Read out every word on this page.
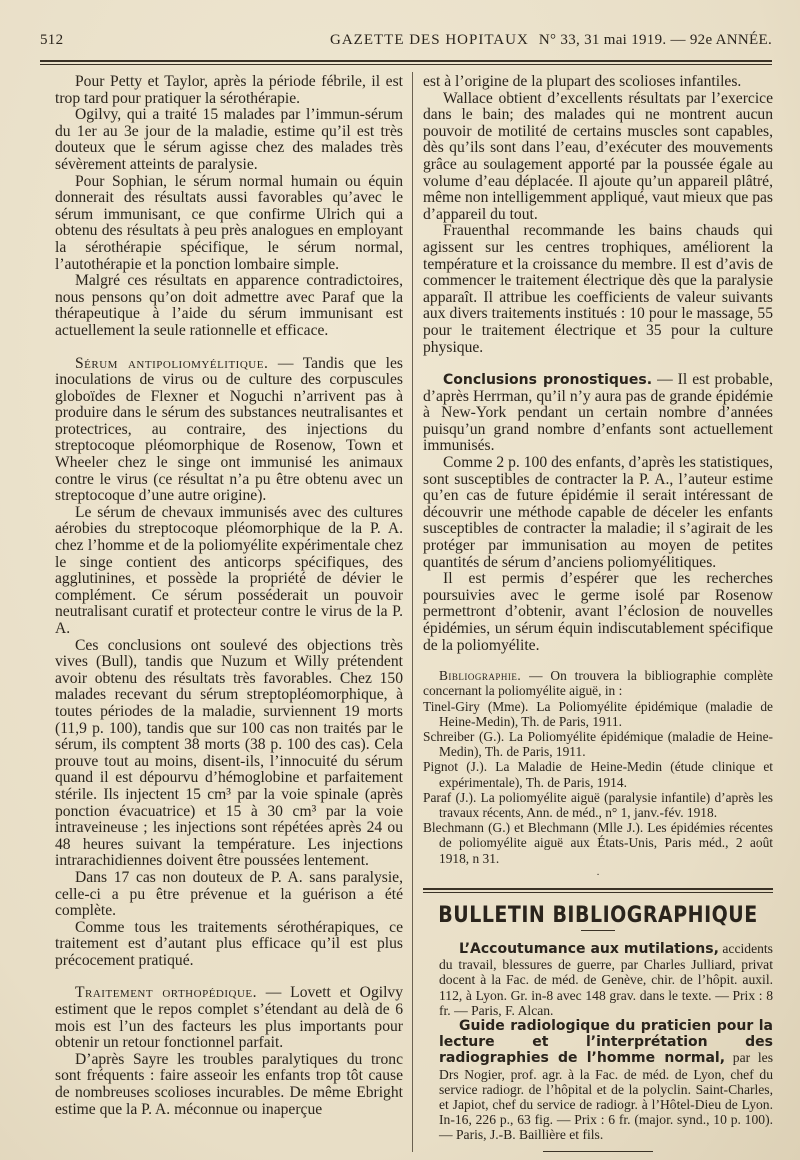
512	GAZETTE DES HOPITAUX N° 33, 31 mai 1919. — 92e ANNÉE.

Pour Petty et Taylor, après la période fébrile, il est trop tard pour pratiquer la sérothérapie.

Ogilvy, qui a traité 15 malades par l’immun-sérum du 1er au 3e jour de la maladie, estime qu’il est très douteux que le sérum agisse chez des malades très sévèrement atteints de paralysie.

Pour Sophian, le sérum normal humain ou équin donnerait des résultats aussi favorables qu’avec le sérum immunisant, ce que confirme Ulrich qui a obtenu des résultats à peu près analogues en employant la sérothérapie spécifique, le sérum normal, l’autothérapie et la ponction lombaire simple.

Malgré ces résultats en apparence contradictoires, nous pensons qu’on doit admettre avec Paraf que la thérapeutique à l’aide du sérum immunisant est actuellement la seule rationnelle et efficace.

Sérum antipoliomyélitique. — Tandis que les inoculations de virus ou de culture des corpuscules globoïdes de Flexner et Noguchi n’arrivent pas à produire dans le sérum des substances neutralisantes et protectrices, au contraire, des injections du streptocoque pléomorphique de Rosenow, Town et Wheeler chez le singe ont immunisé les animaux contre le virus (ce résultat n’a pu être obtenu avec un streptocoque d’une autre origine).

Le sérum de chevaux immunisés avec des cultures aérobies du streptocoque pléomorphique de la P. A. chez l’homme et de la poliomyélite expérimentale chez le singe contient des anticorps spécifiques, des agglutinines, et possède la propriété de dévier le complément. Ce sérum posséderait un pouvoir neutralisant curatif et protecteur contre le virus de la P. A.

Ces conclusions ont soulevé des objections très vives (Bull), tandis que Nuzum et Willy prétendent avoir obtenu des résultats très favorables. Chez 150 malades recevant du sérum streptopléomorphique, à toutes périodes de la maladie, surviennent 19 morts (11,9 p. 100), tandis que sur 100 cas non traités par le sérum, ils comptent 38 morts (38 p. 100 des cas). Cela prouve tout au moins, disent-ils, l’innocuité du sérum quand il est dépourvu d’hémoglobine et parfaitement stérile. Ils injectent 15 cm³ par la voie spinale (après ponction évacuatrice) et 15 à 30 cm³ par la voie intraveineuse ; les injections sont répétées après 24 ou 48 heures suivant la température. Les injections intrarachidiennes doivent être poussées lentement.

Dans 17 cas non douteux de P. A. sans paralysie, celle-ci a pu être prévenue et la guérison a été complète.

Comme tous les traitements sérothérapiques, ce traitement est d’autant plus efficace qu’il est plus précocement pratiqué.

Traitement orthopédique. — Lovett et Ogilvy estiment que le repos complet s’étendant au delà de 6 mois est l’un des facteurs les plus importants pour obtenir un retour fonctionnel parfait.

D’après Sayre les troubles paralytiques du tronc sont fréquents : faire asseoir les enfants trop tôt cause de nombreuses scolioses incurables. De même Ebright estime que la P. A. méconnue ou inaperçue

est à l’origine de la plupart des scolioses infantiles.

Wallace obtient d’excellents résultats par l’exercice dans le bain; des malades qui ne montrent aucun pouvoir de motilité de certains muscles sont capables, dès qu’ils sont dans l’eau, d’exécuter des mouvements grâce au soulagement apporté par la poussée égale au volume d’eau déplacée. Il ajoute qu’un appareil plâtré, même non intelligemment appliqué, vaut mieux que pas d’appareil du tout.

Frauenthal recommande les bains chauds qui agissent sur les centres trophiques, améliorent la température et la croissance du membre. Il est d’avis de commencer le traitement électrique dès que la paralysie apparaît. Il attribue les coefficients de valeur suivants aux divers traitements institués : 10 pour le massage, 55 pour le traitement électrique et 35 pour la culture physique.

Conclusions pronostiques. — Il est probable, d’après Herrman, qu’il n’y aura pas de grande épidémie à New-York pendant un certain nombre d’années puisqu’un grand nombre d’enfants sont actuellement immunisés.

Comme 2 p. 100 des enfants, d’après les statistiques, sont susceptibles de contracter la P. A., l’auteur estime qu’en cas de future épidémie il serait intéressant de découvrir une méthode capable de déceler les enfants susceptibles de contracter la maladie; il s’agirait de les protéger par immunisation au moyen de petites quantités de sérum d’anciens poliomyélitiques.

Il est permis d’espérer que les recherches poursuivies avec le germe isolé par Rosenow permettront d’obtenir, avant l’éclosion de nouvelles épidémies, un sérum équin indiscutablement spécifique de la poliomyélite.

Bibliographie. — On trouvera la bibliographie complète concernant la poliomyélite aiguë, in :

Tinel-Giry (Mme). La Poliomyélite épidémique (maladie de Heine-Medin), Th. de Paris, 1911.

Schreiber (G.). La Poliomyélite épidémique (maladie de Heine-Medin), Th. de Paris, 1911.

Pignot (J.). La Maladie de Heine-Medin (étude clinique et expérimentale), Th. de Paris, 1914.

Paraf (J.). La poliomyélite aiguë (paralysie infantile) d’après les travaux récents, Ann. de méd., n° 1, janv.-fév. 1918.

Blechmann (G.) et Blechmann (Mlle J.). Les épidémies récentes de poliomyélite aiguë aux États-Unis, Paris méd., 2 août 1918, n 31.

·
BULLETIN BIBLIOGRAPHIQUE

L’Accoutumance aux mutilations, accidents du travail, blessures de guerre, par Charles Julliard, privat docent à la Fac. de méd. de Genève, chir. de l’hôpit. auxil. 112, à Lyon. Gr. in-8 avec 148 grav. dans le texte. — Prix : 8 fr. — Paris, F. Alcan.

Guide radiologique du praticien pour la lecture et l’interprétation des radiographies de l’homme normal, par les Drs Nogier, prof. agr. à la Fac. de méd. de Lyon, chef du service radiogr. de l’hôpital et de la polyclin. Saint-Charles, et Japiot, chef du service de radiogr. à l’Hôtel-Dieu de Lyon. In-16, 226 p., 63 fig. — Prix : 6 fr. (major. synd., 10 p. 100). — Paris, J.-B. Baillière et fils.
